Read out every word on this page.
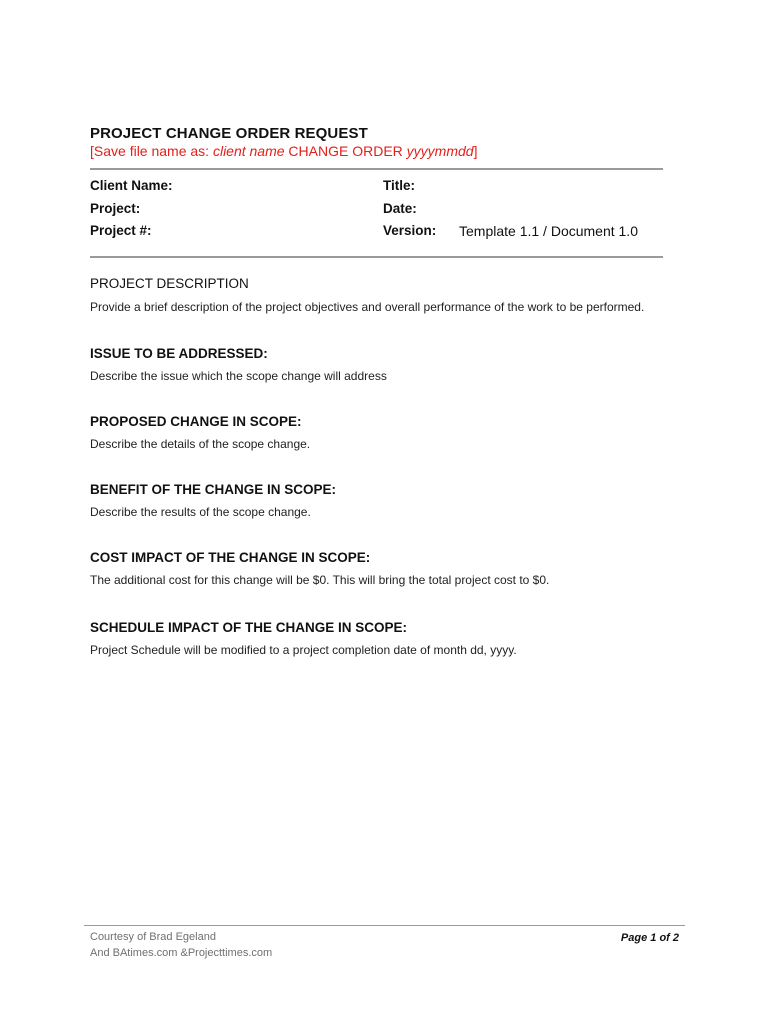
PROJECT CHANGE ORDER REQUEST
[Save file name as: client name CHANGE ORDER yyyymmdd]
Client Name:
Project:
Project #:
Title:
Date:
Version: Template 1.1 / Document 1.0
PROJECT DESCRIPTION
Provide a brief description of the project objectives and overall performance of the work to be performed.
ISSUE TO BE ADDRESSED:
Describe the issue which the scope change will address
PROPOSED CHANGE IN SCOPE:
Describe the details of the scope change.
BENEFIT OF THE CHANGE IN SCOPE:
Describe the results of the scope change.
COST IMPACT OF THE CHANGE IN SCOPE:
The additional cost for this change will be $0. This will bring the total project cost to $0.
SCHEDULE IMPACT OF THE CHANGE IN SCOPE:
Project Schedule will be modified to a project completion date of month dd, yyyy.
Courtesy of Brad Egeland
And BAtimes.com &Projecttimes.com
Page 1 of 2
